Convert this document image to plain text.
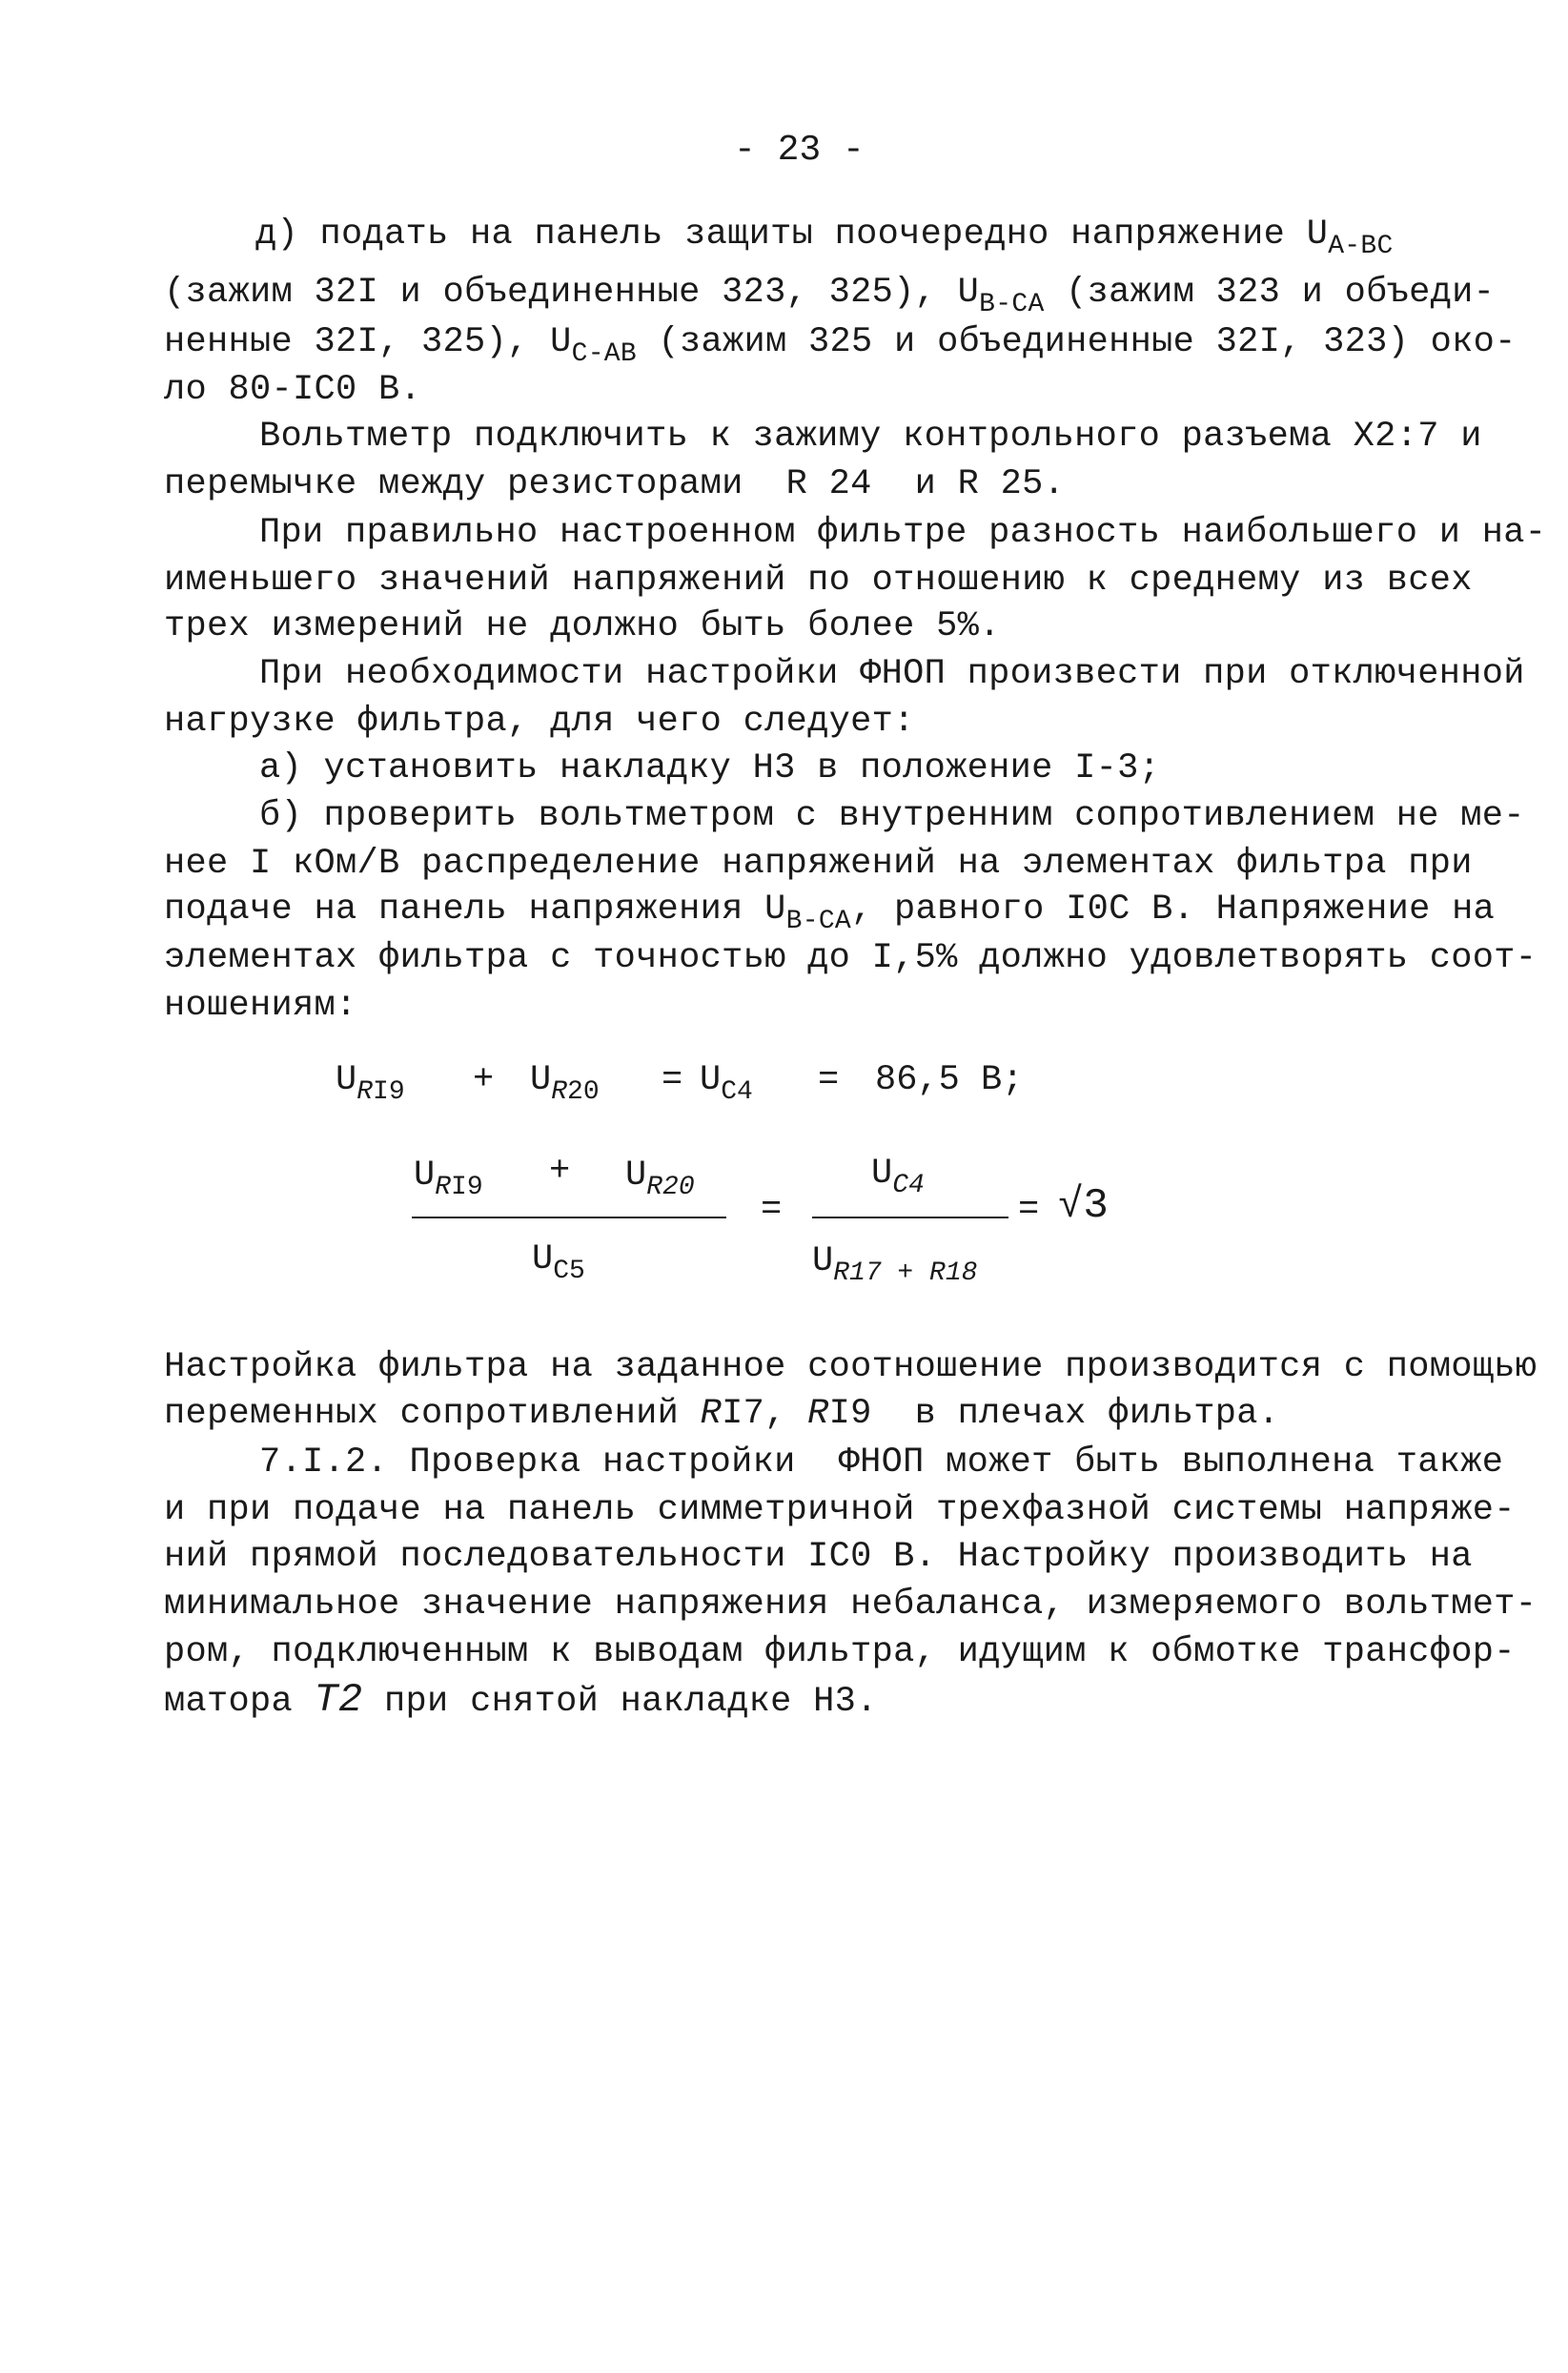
- 23 -
д) подать на панель защиты поочередно напряжение $U_{A-BC}$
(зажим 32I и объединенные 323, 325), $U_{B-CA}$ (зажим 323 и объеди-
ненные 32I, 325), $U_{C-AB}$ (зажим 325 и объединенные 32I, 323) око-
ло 80-IC0 В.
Вольтметр подключить к зажиму контрольного разъема X2:7 и
перемычке между резисторами  R 24  и R 25.
При правильно настроенном фильтре разность наибольшего и на-
именьшего значений напряжений по отношению к среднему из всех
трех измерений не должно быть более 5%.
При необходимости настройки ФНОП произвести при отключенной
нагрузке фильтра, для чего следует:
а) установить накладку Н3 в положение I-3;
б) проверить вольтметром с внутренним сопротивлением не ме-
нее I кОм/В распределение напряжений на элементах фильтра при
подаче на панель напряжения $U_{B-CA}$, равного I0C В. Напряжение на
элементах фильтра с точностью до I,5% должно удовлетворять соот-
ношениям:
$U_{RI9} + U_{R20} = U_{C4} = 86,5$ В;
$U_{RI9} + U_{R20}$
$U_{C5}$
=
$U_{C4}$
$U_{R17 + R18}$
= √3
Настройка фильтра на заданное соотношение производится с помощью
переменных сопротивлений RI7, RI9  в плечах фильтра.
7.I.2. Проверка настройки  ФНОП может быть выполнена также
и при подаче на панель симметричной трехфазной системы напряже-
ний прямой последовательности IС0 В. Настройку производить на
минимальное значение напряжения небаланса, измеряемого вольтмет-
ром, подключенным к выводам фильтра, идущим к обмотке трансфор-
матора T2 при снятой накладке Н3.
